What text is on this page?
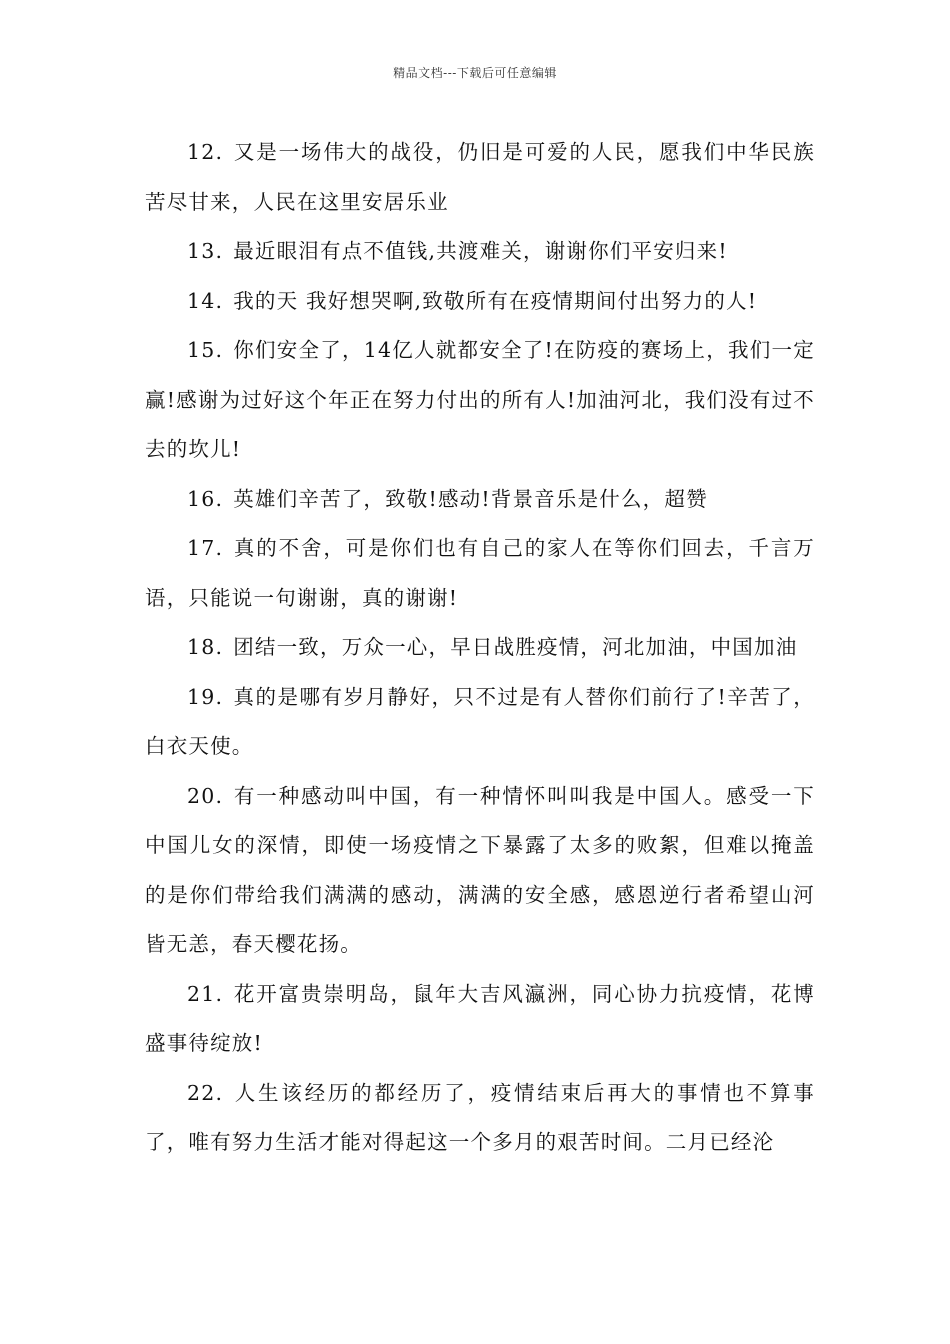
精品文档---下载后可任意编辑

12. 又是一场伟大的战役，仍旧是可爱的人民，愿我们中华民族苦尽甘来，人民在这里安居乐业

13. 最近眼泪有点不值钱,共渡难关，谢谢你们平安归来!

14. 我的天 我好想哭啊,致敬所有在疫情期间付出努力的人!

15. 你们安全了，14亿人就都安全了!在防疫的赛场上，我们一定赢!感谢为过好这个年正在努力付出的所有人!加油河北，我们没有过不去的坎儿!

16. 英雄们辛苦了，致敬!感动!背景音乐是什么，超赞

17. 真的不舍，可是你们也有自己的家人在等你们回去，千言万语，只能说一句谢谢，真的谢谢!

18. 团结一致，万众一心，早日战胜疫情，河北加油，中国加油

19. 真的是哪有岁月静好，只不过是有人替你们前行了!辛苦了，白衣天使。

20. 有一种感动叫中国，有一种情怀叫叫我是中国人。感受一下中国儿女的深情，即使一场疫情之下暴露了太多的败絮，但难以掩盖的是你们带给我们满满的感动，满满的安全感，感恩逆行者希望山河皆无恙，春天樱花扬。

21. 花开富贵崇明岛，鼠年大吉风瀛洲，同心协力抗疫情，花博盛事待绽放!

22. 人生该经历的都经历了，疫情结束后再大的事情也不算事了，唯有努力生活才能对得起这一个多月的艰苦时间。二月已经沦
